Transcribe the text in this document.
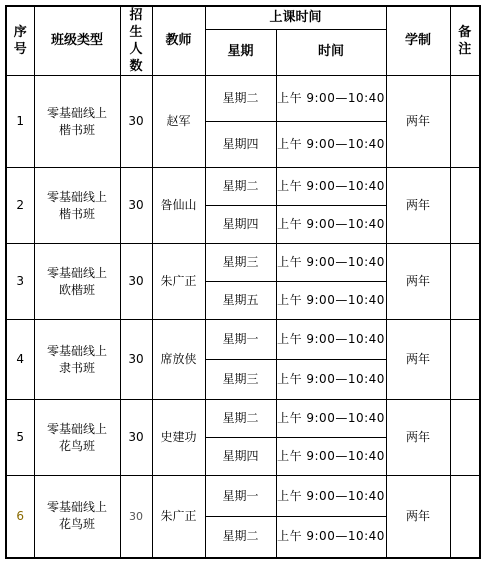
序号	班级类型	招生人数	教师	上课时间		学制	备注
				星期	时间		
1	零基础线上楷书班	30	赵军	星期二	上午 9:00—10:40	两年	
				星期四	上午 9:00—10:40		
2	零基础线上楷书班	30	昝仙山	星期二	上午 9:00—10:40	两年	
				星期四	上午 9:00—10:40		
3	零基础线上欧楷班	30	朱广正	星期三	上午 9:00—10:40	两年	
				星期五	上午 9:00—10:40		
4	零基础线上隶书班	30	席放侠	星期一	上午 9:00—10:40	两年	
				星期三	上午 9:00—10:40		
5	零基础线上花鸟班	30	史建功	星期二	上午 9:00—10:40	两年	
				星期四	上午 9:00—10:40		
6	零基础线上花鸟班	30	朱广正	星期一	上午 9:00—10:40	两年	
				星期二	上午 9:00—10:40		
